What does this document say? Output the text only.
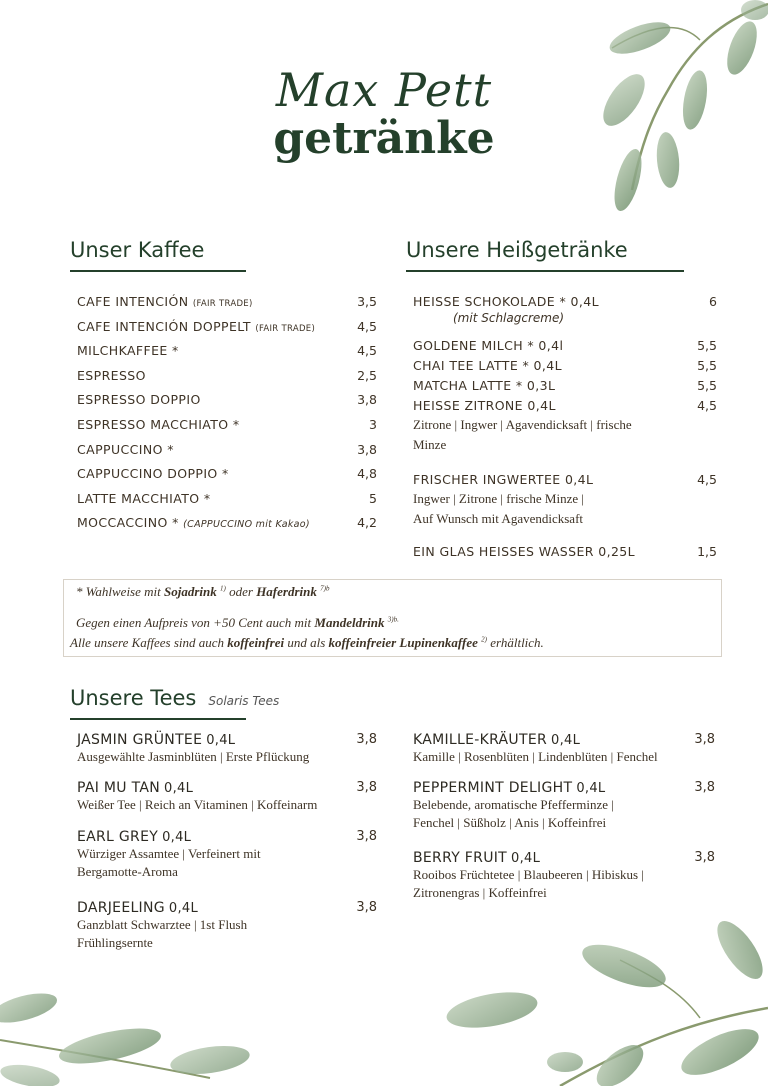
Max Pett
getränke
Unser Kaffee
CAFE INTENCIÓN (FAIR TRADE)	3,5
CAFE INTENCIÓN DOPPELT (FAIR TRADE)	4,5
MILCHKAFFEE *	4,5
ESPRESSO	2,5
ESPRESSO DOPPIO	3,8
ESPRESSO MACCHIATO *	3
CAPPUCCINO *	3,8
CAPPUCCINO DOPPIO *	4,8
LATTE MACCHIATO *	5
MOCCACCINO * (CAPPUCCINO mit Kakao)	4,2
Unsere Heißgetränke
HEISSE SCHOKOLADE * 0,4L	6
(mit Schlagcreme)
GOLDENE MILCH * 0,4l	5,5
CHAI TEE LATTE * 0,4L	5,5
MATCHA LATTE * 0,3L	5,5
HEISSE ZITRONE 0,4L	4,5
Zitrone | Ingwer | Agavendicksaft | frische
Minze
FRISCHER INGWERTEE 0,4L	4,5
Ingwer | Zitrone | frische Minze |
Auf Wunsch mit Agavendicksaft
EIN GLAS HEISSES WASSER 0,25L	1,5
* Wahlweise mit Sojadrink $^{1)}$ oder Haferdrink $^{7)b}$
Gegen einen Aufpreis von +50 Cent auch mit Mandeldrink $^{3)b.}$
Alle unsere Kaffees sind auch koffeinfrei und als koffeinfreier Lupinenkaffee $^{2)}$ erhältlich.
Unsere Tees Solaris Tees
JASMIN GRÜNTEE 0,4L	3,8
Ausgewählte Jasminblüten | Erste Pflückung
PAI MU TAN 0,4L	3,8
Weißer Tee | Reich an Vitaminen | Koffeinarm
EARL GREY 0,4L	3,8
Würziger Assamtee | Verfeinert mit
Bergamotte-Aroma
DARJEELING 0,4L	3,8
Ganzblatt Schwarztee | 1st Flush
Frühlingsernte
KAMILLE-KRÄUTER 0,4L	3,8
Kamille | Rosenblüten | Lindenblüten | Fenchel
PEPPERMINT DELIGHT 0,4L	3,8
Belebende, aromatische Pfefferminze |
Fenchel | Süßholz | Anis | Koffeinfrei
BERRY FRUIT 0,4L	3,8
Rooibos Früchtetee | Blaubeeren | Hibiskus |
Zitronengras | Koffeinfrei
